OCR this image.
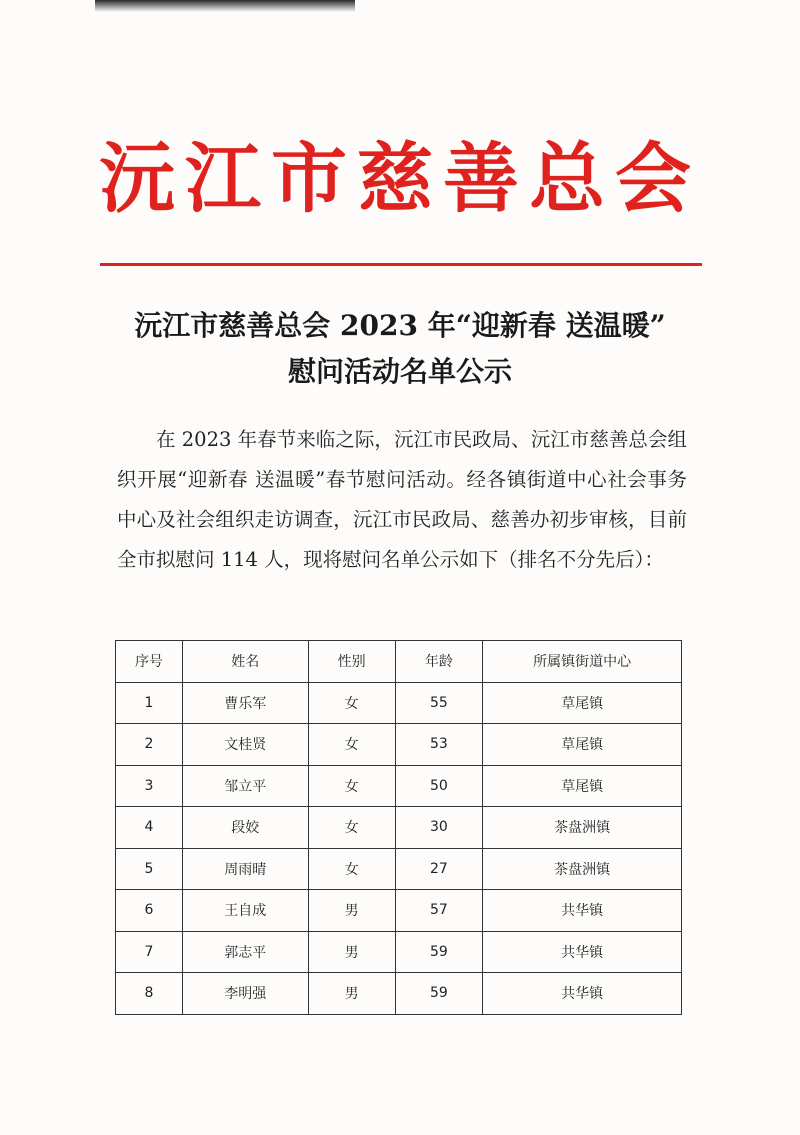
沅江市慈善总会
沅江市慈善总会 2023 年“迎新春 送温暖”
慰问活动名单公示
在 2023 年春节来临之际，沅江市民政局、沅江市慈善总会组织开展“迎新春 送温暖”春节慰问活动。经各镇街道中心社会事务中心及社会组织走访调查，沅江市民政局、慈善办初步审核，目前全市拟慰问 114 人，现将慰问名单公示如下（排名不分先后）：
序号	姓名	性别	年龄	所属镇街道中心
1	曹乐军	女	55	草尾镇
2	文桂贤	女	53	草尾镇
3	邹立平	女	50	草尾镇
4	段姣	女	30	茶盘洲镇
5	周雨晴	女	27	茶盘洲镇
6	王自成	男	57	共华镇
7	郭志平	男	59	共华镇
8	李明强	男	59	共华镇
